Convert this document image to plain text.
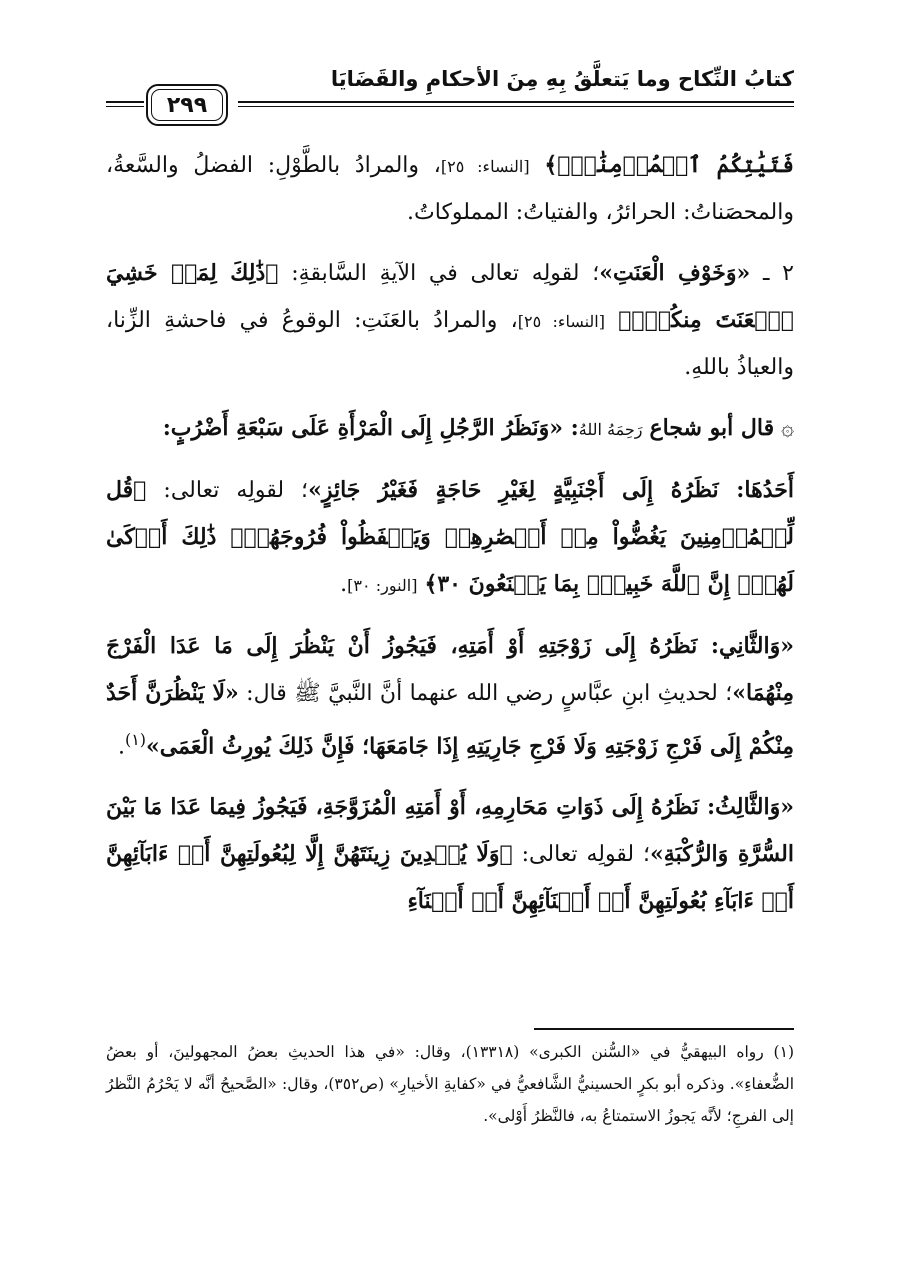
كتابُ النِّكاح وما يَتعلَّقُ بِهِ مِنَ الأحكامِ والقَضَايَا
٢٩٩

فَتَيَٰتِكُمُ ٱلۡمُؤۡمِنَٰتِۚ﴾ [النساء: ٢٥]، والمرادُ بالطَّوْلِ: الفضلُ والسَّعةُ، والمحصَناتُ: الحرائرُ، والفتياتُ: المملوكاتُ.

٢ ـ «وَخَوْفِ الْعَنَتِ»؛ لقولِه تعالى في الآيةِ السَّابقةِ: ﴿ذَٰلِكَ لِمَنۡ خَشِيَ ٱلۡعَنَتَ مِنكُمۡۚ﴾ [النساء: ٢٥]، والمرادُ بالعَنَتِ: الوقوعُ في فاحشةِ الزِّنا، والعياذُ باللهِ.

۞ قال أبو شجاع رَحِمَهُ اللهُ: «وَنَظَرُ الرَّجُلِ إِلَى الْمَرْأَةِ عَلَى سَبْعَةِ أَضْرُبٍ:

أَحَدُهَا: نَظَرُهُ إِلَى أَجْنَبِيَّةٍ لِغَيْرِ حَاجَةٍ فَغَيْرُ جَائِزٍ»؛ لقولِه تعالى: ﴿قُل لِّلۡمُؤۡمِنِينَ يَغُضُّواْ مِنۡ أَبۡصَٰرِهِمۡ وَيَحۡفَظُواْ فُرُوجَهُمۡۚ ذَٰلِكَ أَزۡكَىٰ لَهُمۡۚ إِنَّ ٱللَّهَ خَبِيرُۢ بِمَا يَصۡنَعُونَ ٣٠﴾ [النور: ٣٠].

«وَالثَّانِي: نَظَرُهُ إِلَى زَوْجَتِهِ أَوْ أَمَتِهِ، فَيَجُوزُ أَنْ يَنْظُرَ إِلَى مَا عَدَا الْفَرْجَ مِنْهُمَا»؛ لحديثِ ابنِ عبَّاسٍ رضي الله عنهما أنَّ النَّبيَّ ﷺ قال: «لَا يَنْظُرَنَّ أَحَدٌ مِنْكُمْ إِلَى فَرْجِ زَوْجَتِهِ وَلَا فَرْجِ جَارِيَتِهِ إِذَا جَامَعَهَا؛ فَإِنَّ ذَلِكَ يُورِثُ الْعَمَى»$^{(١)}$.

«وَالثَّالِثُ: نَظَرُهُ إِلَى ذَوَاتِ مَحَارِمِهِ، أَوْ أَمَتِهِ الْمُزَوَّجَةِ، فَيَجُوزُ فِيمَا عَدَا مَا بَيْنَ السُّرَّةِ وَالرُّكْبَةِ»؛ لقولِه تعالى: ﴿وَلَا يُبۡدِينَ زِينَتَهُنَّ إِلَّا لِبُعُولَتِهِنَّ أَوۡ ءَابَآئِهِنَّ أَوۡ ءَابَآءِ بُعُولَتِهِنَّ أَوۡ أَبۡنَآئِهِنَّ أَوۡ أَبۡنَآءِ

(١) رواه البيهقيُّ في «السُّنن الكبرى» (١٣٣١٨)، وقال: «في هذا الحديثِ بعضُ المجهولينَ، أو بعضُ الضُّعفاءِ». وذكره أبو بكرٍ الحسينيُّ الشَّافعيُّ في «كفايةِ الأخيارِ» (ص٣٥٢)، وقال: «الصَّحيحُ أنَّه لا يَحْرُمُ النَّظرُ إلى الفرجِ؛ لأنَّه يَجوزُ الاستمتاعُ به، فالنَّظرُ أَوْلى».
